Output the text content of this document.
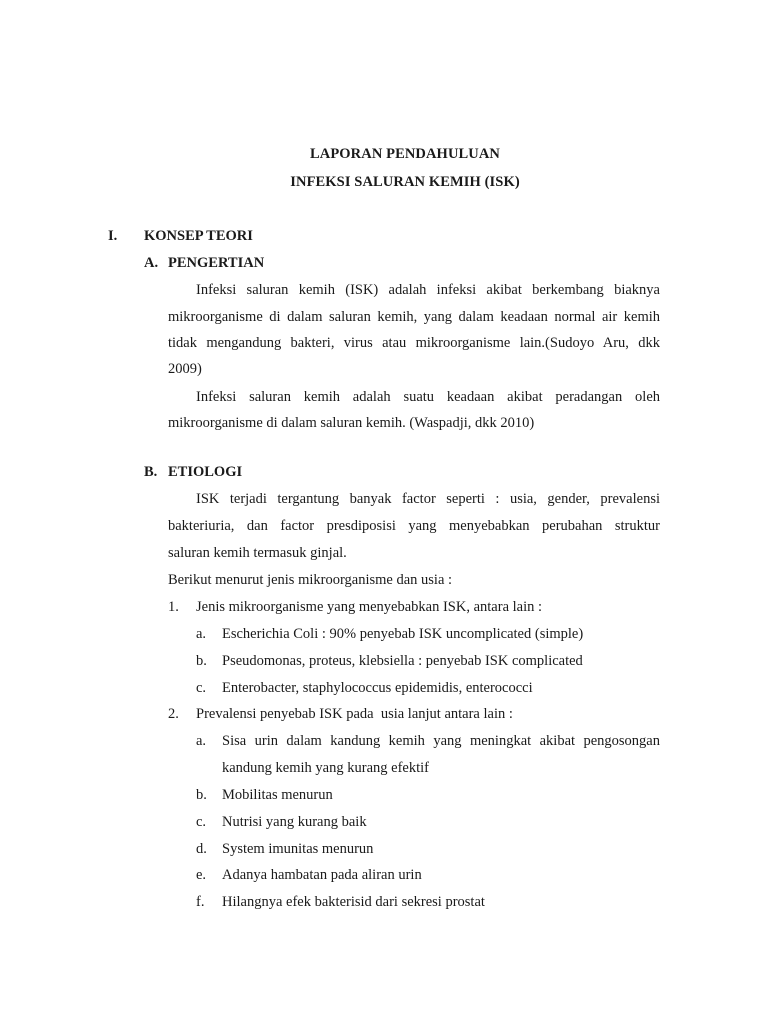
LAPORAN PENDAHULUAN
INFEKSI SALURAN KEMIH (ISK)
I. KONSEP TEORI
A. PENGERTIAN
Infeksi saluran kemih (ISK) adalah infeksi akibat berkembang biaknya
mikroorganisme di dalam saluran kemih, yang dalam keadaan normal air kemih
tidak mengandung bakteri, virus atau mikroorganisme lain.(Sudoyo Aru, dkk
2009)
Infeksi saluran kemih adalah suatu keadaan akibat peradangan oleh
mikroorganisme di dalam saluran kemih. (Waspadji, dkk 2010)
B. ETIOLOGI
ISK terjadi tergantung banyak factor seperti : usia, gender, prevalensi
bakteriuria, dan factor presdiposisi yang menyebabkan perubahan struktur
saluran kemih termasuk ginjal.
Berikut menurut jenis mikroorganisme dan usia :
1. Jenis mikroorganisme yang menyebabkan ISK, antara lain :
a. Escherichia Coli : 90% penyebab ISK uncomplicated (simple)
b. Pseudomonas, proteus, klebsiella : penyebab ISK complicated
c. Enterobacter, staphylococcus epidemidis, enterococci
2. Prevalensi penyebab ISK pada  usia lanjut antara lain :
a. Sisa urin dalam kandung kemih yang meningkat akibat pengosongan
kandung kemih yang kurang efektif
b. Mobilitas menurun
c. Nutrisi yang kurang baik
d. System imunitas menurun
e. Adanya hambatan pada aliran urin
f. Hilangnya efek bakterisid dari sekresi prostat
